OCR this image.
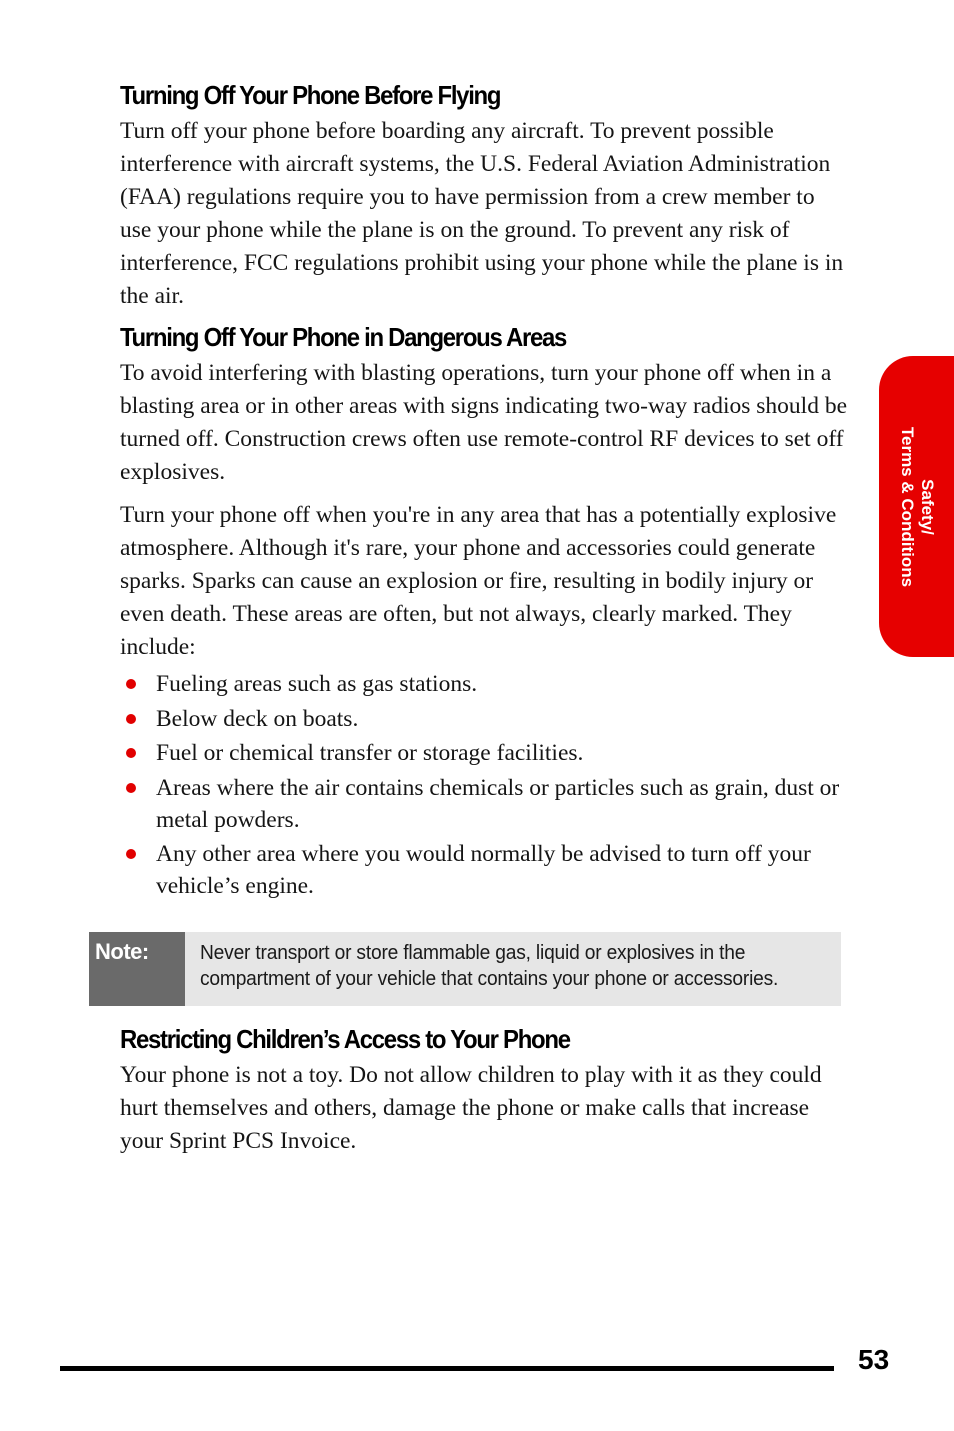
Turning Off Your Phone Before Flying

Turn off your phone before boarding any aircraft. To prevent possible interference with aircraft systems, the U.S. Federal Aviation Administration (FAA) regulations require you to have permission from a crew member to use your phone while the plane is on the ground. To prevent any risk of interference, FCC regulations prohibit using your phone while the plane is in the air.

Turning Off Your Phone in Dangerous Areas

To avoid interfering with blasting operations, turn your phone off when in a blasting area or in other areas with signs indicating two-way radios should be turned off. Construction crews often use remote-control RF devices to set off explosives.

Turn your phone off when you're in any area that has a potentially explosive atmosphere. Although it's rare, your phone and accessories could generate sparks. Sparks can cause an explosion or fire, resulting in bodily injury or even death. These areas are often, but not always, clearly marked. They include:

Fueling areas such as gas stations.
Below deck on boats.
Fuel or chemical transfer or storage facilities.
Areas where the air contains chemicals or particles such as grain, dust or metal powders.
Any other area where you would normally be advised to turn off your vehicle’s engine.
Note:	Never transport or store flammable gas, liquid or explosives in the compartment of your vehicle that contains your phone or accessories.
Restricting Children’s Access to Your Phone

Your phone is not a toy. Do not allow children to play with it as they could hurt themselves and others, damage the phone or make calls that increase your Sprint PCS Invoice.

Safety/
Terms & Conditions
53
